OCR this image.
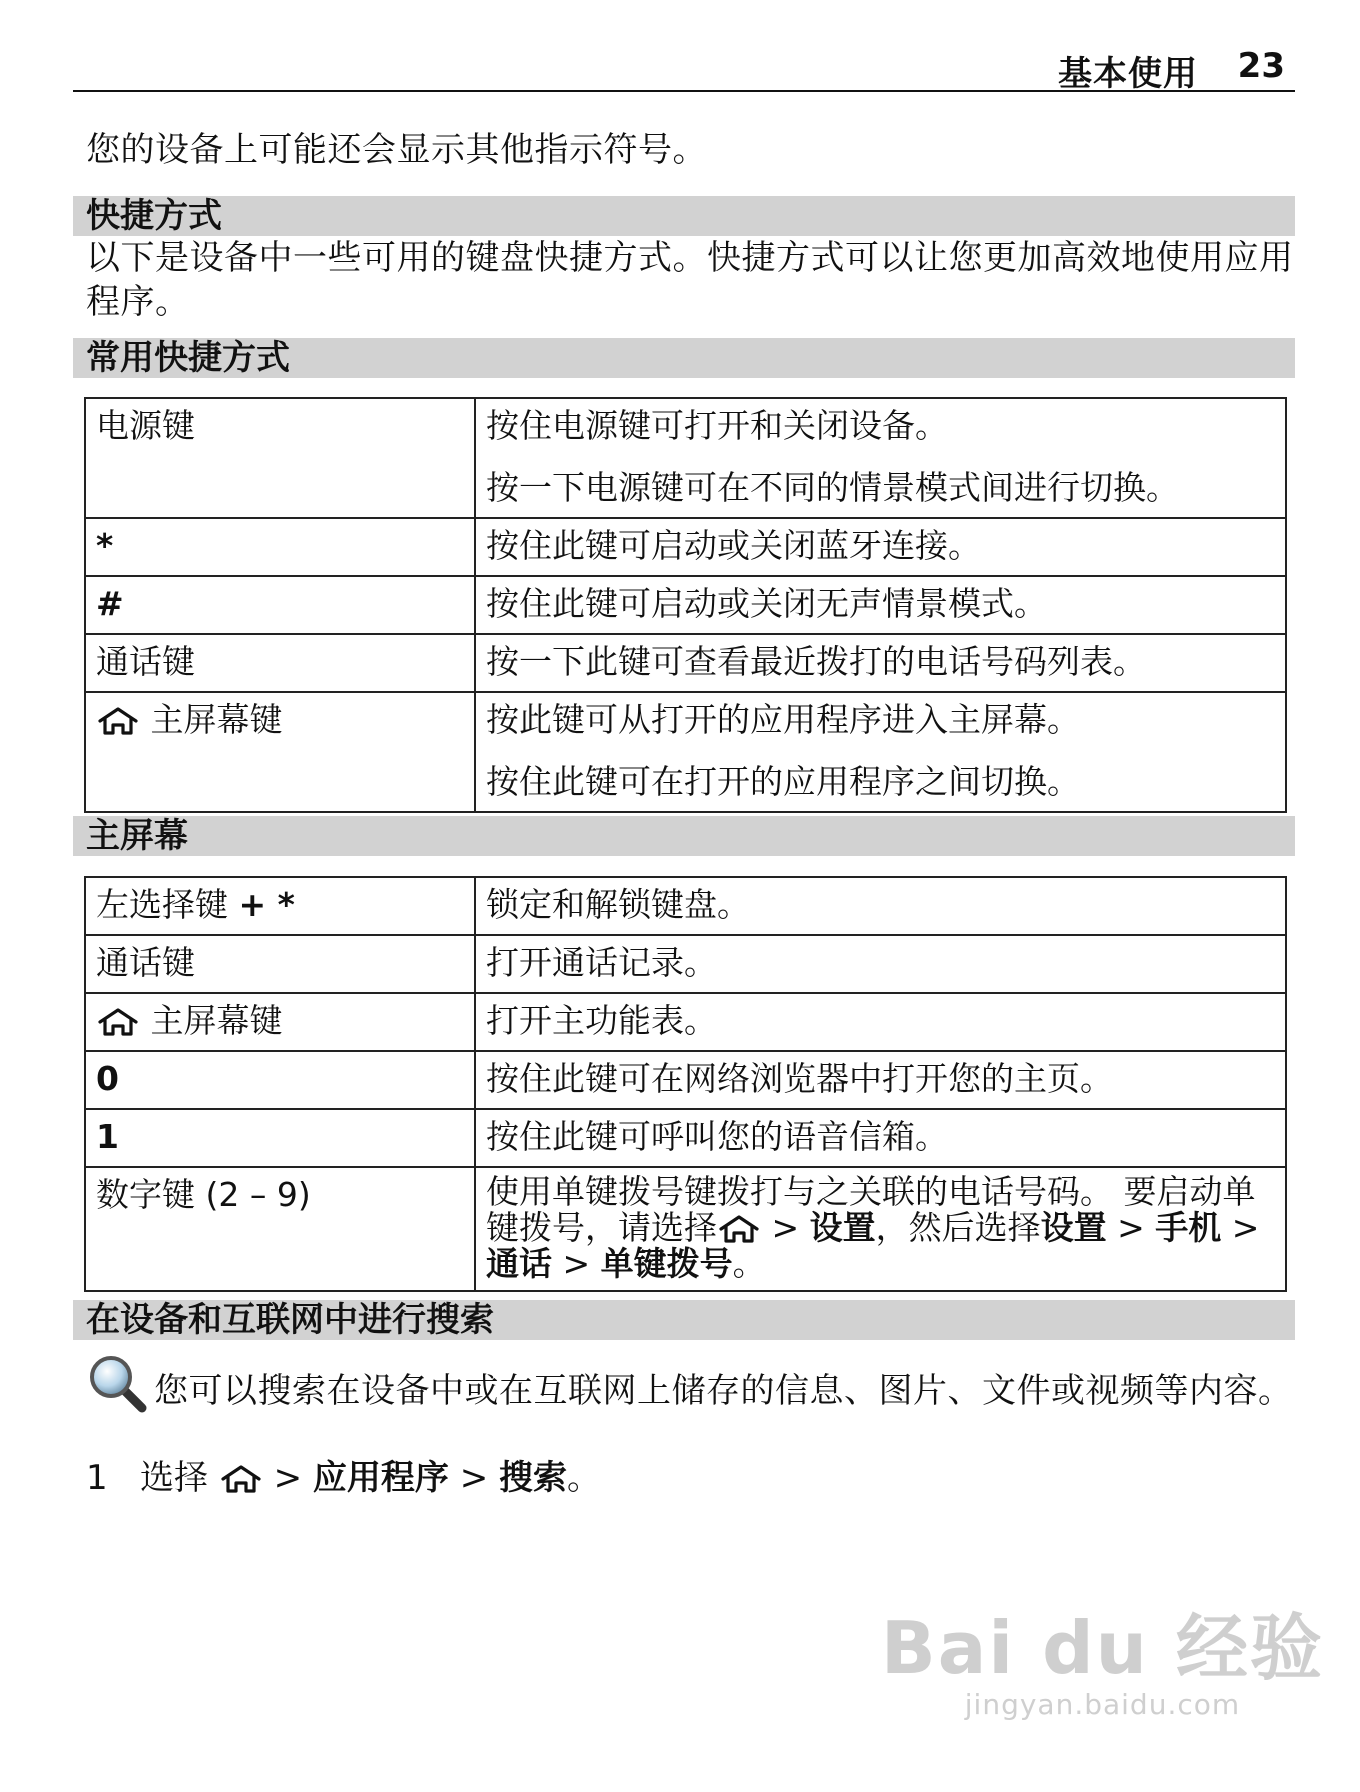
基本使用 23
您的设备上可能还会显示其他指示符号。
快捷方式
以下是设备中一些可用的键盘快捷方式。快捷方式可以让您更加高效地使用应用程序。
常用快捷方式
电源键	按住电源键可打开和关闭设备。

按一下电源键可在不同的情景模式间进行切换。

*	按住此键可启动或关闭蓝牙连接。

#	按住此键可启动或关闭无声情景模式。

通话键	按一下此键可查看最近拨打的电话号码列表。

主屏幕键	按此键可从打开的应用程序进入主屏幕。

按住此键可在打开的应用程序之间切换。

主屏幕
左选择键 + *	锁定和解锁键盘。

通话键	打开通话记录。

主屏幕键	打开主功能表。

0	按住此键可在网络浏览器中打开您的主页。

1	按住此键可呼叫您的语音信箱。

数字键 (2 – 9)	使用单键拨号键拨打与之关联的电话号码。 要启动单键拨号，请选择 > 设置，然后选择设置 > 手机 > 通话 > 单键拨号。

在设备和互联网中进行搜索
您可以搜索在设备中或在互联网上储存的信息、图片、文件或视频等内容。
1 选择  > 应用程序 > 搜索。
Bai du 经验
jingyan.baidu.com
